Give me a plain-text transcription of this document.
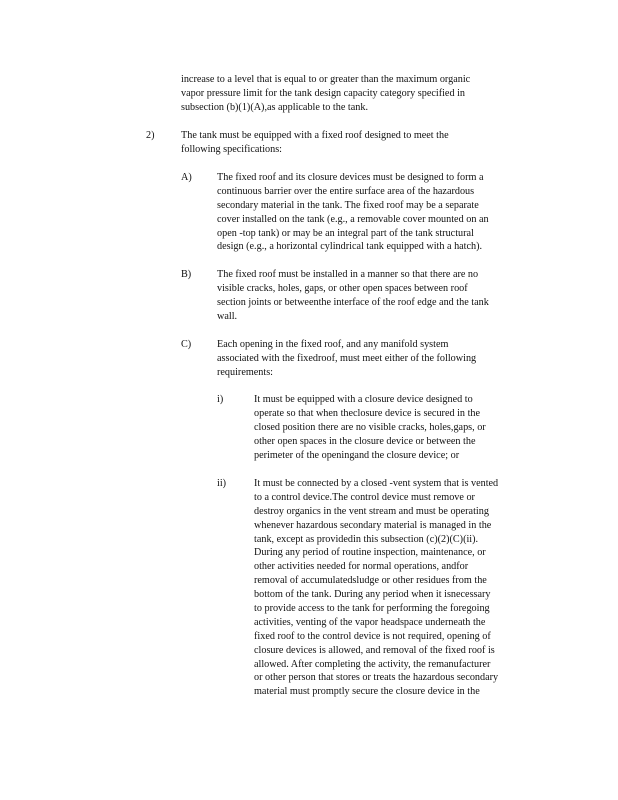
increase to a level that is equal to or greater than the maximum organic
vapor pressure limit for the tank design capacity category specified in
subsection (b)(1)(A),as applicable to the tank.
2)	The tank must be equipped with a fixed roof designed to meet the
following specifications:
A) The fixed roof and its closure devices must be designed to form a
continuous barrier over the entire surface area of the hazardous
secondary material in the tank. The fixed roof may be a separate
cover installed on the tank (e.g., a removable cover mounted on an
open -top tank) or may be an integral part of the tank structural
design (e.g., a horizontal cylindrical tank equipped with a hatch).
B)	The fixed roof must be installed in a manner so that there are no
visible cracks, holes, gaps, or other open spaces between roof
section joints or betweenthe interface of the roof edge and the tank
wall.
C)	Each opening in the fixed roof, and any manifold system
associated with the fixedroof, must meet either of the following
requirements:
i)	It must be equipped with a closure device designed to
operate so that when theclosure device is secured in the
closed position there are no visible cracks, holes,gaps, or
other open spaces in the closure device or between the
perimeter of the openingand the closure device; or
ii)	It must be connected by a closed -vent system that is vented
to a control device.The control device must remove or
destroy organics in the vent stream and must be operating
whenever hazardous secondary material is managed in the
tank, except as providedin this subsection (c)(2)(C)(ii).
During any period of routine inspection, maintenance, or
other activities needed for normal operations, andfor
removal of accumulatedsludge or other residues from the
bottom of the tank. During any period when it isnecessary
to provide access to the tank for performing the foregoing
activities, venting of the vapor headspace underneath the
fixed roof to the control device is not required, opening of
closure devices is allowed, and removal of the fixed roof is
allowed. After completing the activity, the remanufacturer
or other person that stores or treats the hazardous secondary
material must promptly secure the closure device in the
